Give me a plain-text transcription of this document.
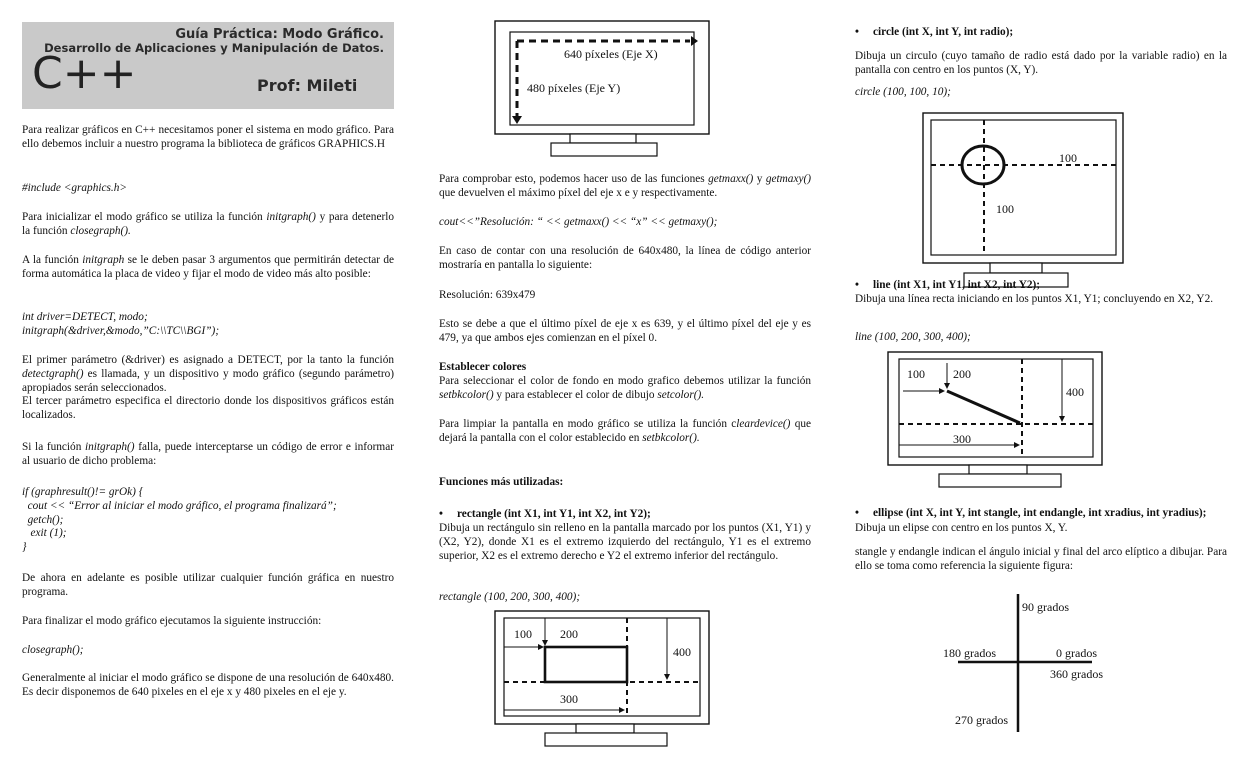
Guía Práctica: Modo Gráfico.
Desarrollo de Aplicaciones y Manipulación de Datos.
C++	Prof: Mileti

Para realizar gráficos en C++ necesitamos poner el sistema en modo gráfico. Para ello debemos incluir a nuestro programa la biblioteca de gráficos GRAPHICS.H

#include <graphics.h>

Para inicializar el modo gráfico se utiliza la función initgraph() y para detenerlo la función closegraph().

A la función initgraph se le deben pasar 3 argumentos que permitirán detectar de forma automática la placa de video y fijar el modo de video más alto posible:

int driver=DETECT, modo;
initgraph(&driver,&modo,”C:\\TC\\BGI”);

El primer parámetro (&driver) es asignado a DETECT, por la tanto la función detectgraph() es llamada, y un dispositivo y modo gráfico (segundo parámetro) apropiados serán seleccionados.
El tercer parámetro especifica el directorio donde los dispositivos gráficos están localizados.

Si la función initgraph() falla, puede interceptarse un código de error e informar al usuario de dicho problema:

if (graphresult()!= grOk) {
cout << “Error al iniciar el modo gráfico, el programa finalizará”;
getch();
exit (1);
}

De ahora en adelante es posible utilizar cualquier función gráfica en nuestro programa.

Para finalizar el modo gráfico ejecutamos la siguiente instrucción:

closegraph();

Generalmente al iniciar el modo gráfico se dispone de una resolución de 640x480. Es decir disponemos de 640 pixeles en el eje x y 480 pixeles en el eje y.

640 píxeles (Eje X)
480 píxeles (Eje Y)

Para comprobar esto, podemos hacer uso de las funciones getmaxx() y getmaxy() que devuelven el máximo píxel del eje x e y respectivamente.

cout<<”Resolución: “ << getmaxx() << “x” << getmaxy();

En caso de contar con una resolución de 640x480, la línea de código anterior mostraría en pantalla lo siguiente:

Resolución: 639x479

Esto se debe a que el último píxel de eje x es 639, y el último píxel del eje y es 479, ya que ambos ejes comienzan en el píxel 0.

Establecer colores

Para seleccionar el color de fondo en modo grafico debemos utilizar la función setbkcolor() y para establecer el color de dibujo setcolor().

Para limpiar la pantalla en modo gráfico se utiliza la función cleardevice() que dejará la pantalla con el color establecido en setbkcolor().

Funciones más utilizadas:

• rectangle (int X1, int Y1, int X2, int Y2);

Dibuja un rectángulo sin relleno en la pantalla marcado por los puntos (X1, Y1) y (X2, Y2), donde X1 es el extremo izquierdo del rectángulo, Y1 es el extremo superior, X2 es el extremo derecho e Y2 el extremo inferior del rectángulo.

rectangle (100, 200, 300, 400);

100 200
400
300

• circle (int X, int Y, int radio);

Dibuja un circulo (cuyo tamaño de radio está dado por la variable radio) en la pantalla con centro en los puntos (X, Y).

circle (100, 100, 10);

100
100

• line (int X1, int Y1, int X2, int Y2);

Dibuja una línea recta iniciando en los puntos X1, Y1; concluyendo en X2, Y2.

line (100, 200, 300, 400);

100 200
400
300

• ellipse (int X, int Y, int stangle, int endangle, int xradius, int yradius);

Dibuja un elipse con centro en los puntos X, Y.

stangle y endangle indican el ángulo inicial y final del arco elíptico a dibujar. Para ello se toma como referencia la siguiente figura:

90 grados
180 grados	0 grados
360 grados
270 grados
